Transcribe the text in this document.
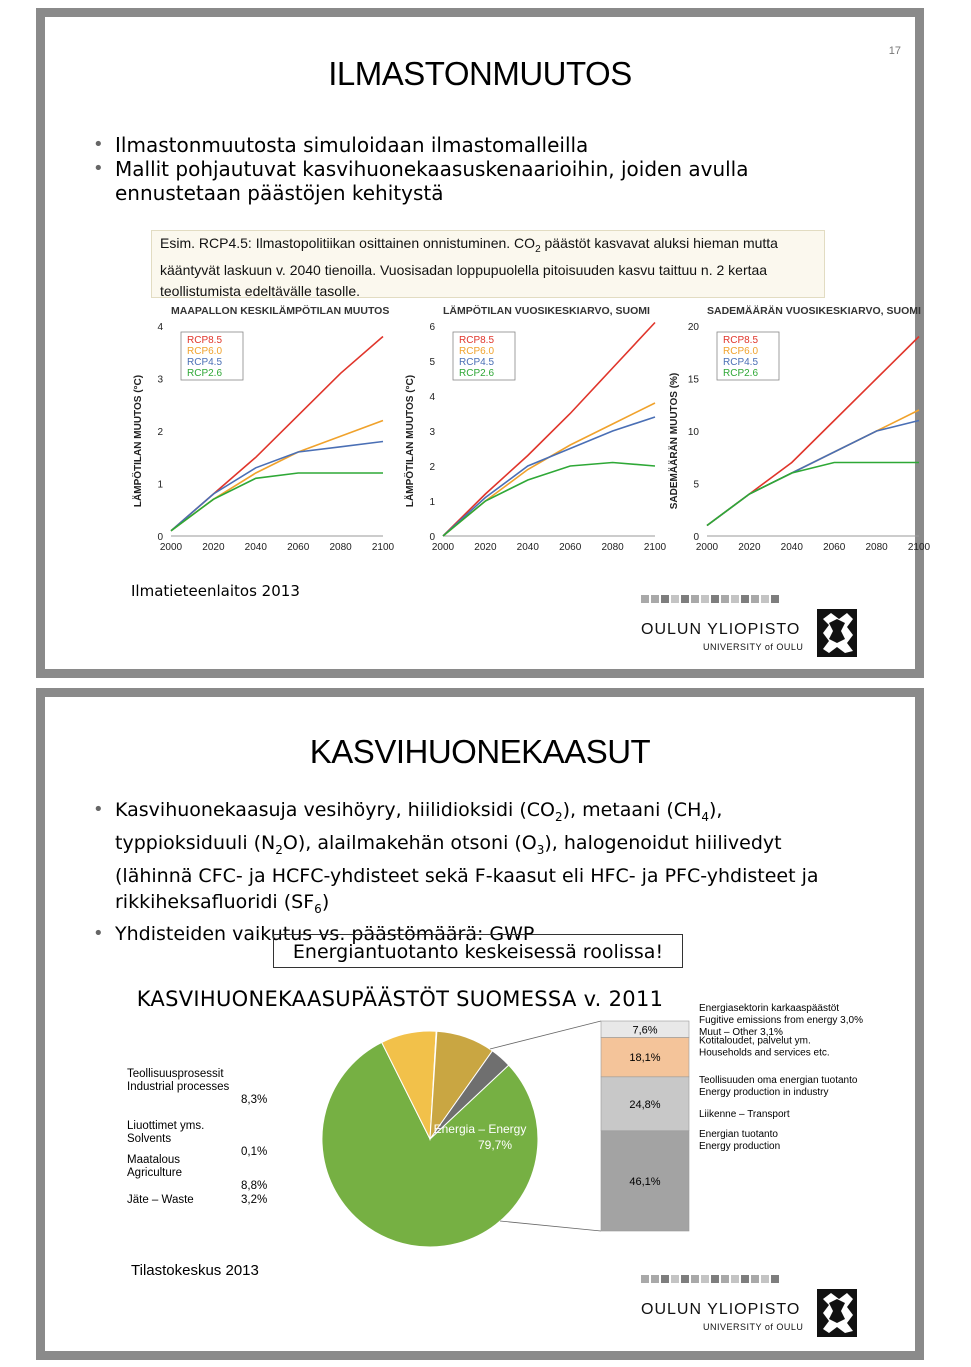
17
ILMASTONMUUTOS
• Ilmastonmuutosta simuloidaan ilmastomalleilla
• Mallit pohjautuvat kasvihuonekaasuskenaarioihin, joiden avulla ennustetaan päästöjen kehitystä
Esim. RCP4.5: Ilmastopolitiikan osittainen onnistuminen. $CO_2$ päästöt kasvavat aluksi hieman mutta
kääntyvät laskuun v. 2040 tienoilla. Vuosisadan loppupuolella pitoisuuden kasvu taittuu n. 2 kertaa
teollistumista edeltävälle tasolle.
MAAPALLON KESKILÄMPÖTILAN MUUTOS
0
1
2
3
4
2000 2020 2040 2060 2080 2100
LÄMPÖTILAN MUUTOS (°C)
RCP8.5
RCP6.0
RCP4.5
RCP2.6
LÄMPÖTILAN VUOSIKESKIARVO, SUOMI
0
1
2
3
4
5
6
2000 2020 2040 2060 2080 2100
LÄMPÖTILAN MUUTOS (°C)
RCP8.5
RCP6.0
RCP4.5
RCP2.6
SADEMÄÄRÄN VUOSIKESKIARVO, SUOMI
0
5
10
15
20
2000 2020 2040 2060 2080 2100
SADEMÄÄRÄN MUUTOS (%)
RCP8.5
RCP6.0
RCP4.5
RCP2.6
Ilmatieteenlaitos 2013
OULUN YLIOPISTO
UNIVERSITY of OULU
KASVIHUONEKAASUT
• Kasvihuonekaasuja vesihöyry, hiilidioksidi $(CO_2)$, metaani $(CH_4)$,
typpioksiduuli $(N_2O)$, alailmakehän otsoni $(O_3)$, halogenoidut hiilivedyt
(lähinnä CFC- ja HCFC-yhdisteet sekä F-kaasut eli HFC- ja PFC-yhdisteet ja
rikkiheksafluoridi $(SF_6)$
• Yhdisteiden vaikutus vs. päästömäärä: GWP
Energiantuotanto keskeisessä roolissa!
KASVIHUONEKAASUPÄÄSTÖT SUOMESSA v. 2011
Energia – Energy
79,7%
Teollisuusprosessit
Industrial processes
8,3%
Liuottimet yms.
Solvents
0,1%
Maatalous
Agriculture
8,8%
Jäte – Waste	3,2%
7,6%
Energiasektorin karkaaspäästöt
Fugitive emissions from energy 3,0%
Muut – Other 3,1%
18,1%
Kotitaloudet, palvelut ym.
Households and services etc.
24,8%
Teollisuuden oma energian tuotanto
Energy production in industry
Liikenne – Transport
46,1%
Energian tuotanto
Energy production
Tilastokeskus 2013
OULUN YLIOPISTO
UNIVERSITY of OULU
